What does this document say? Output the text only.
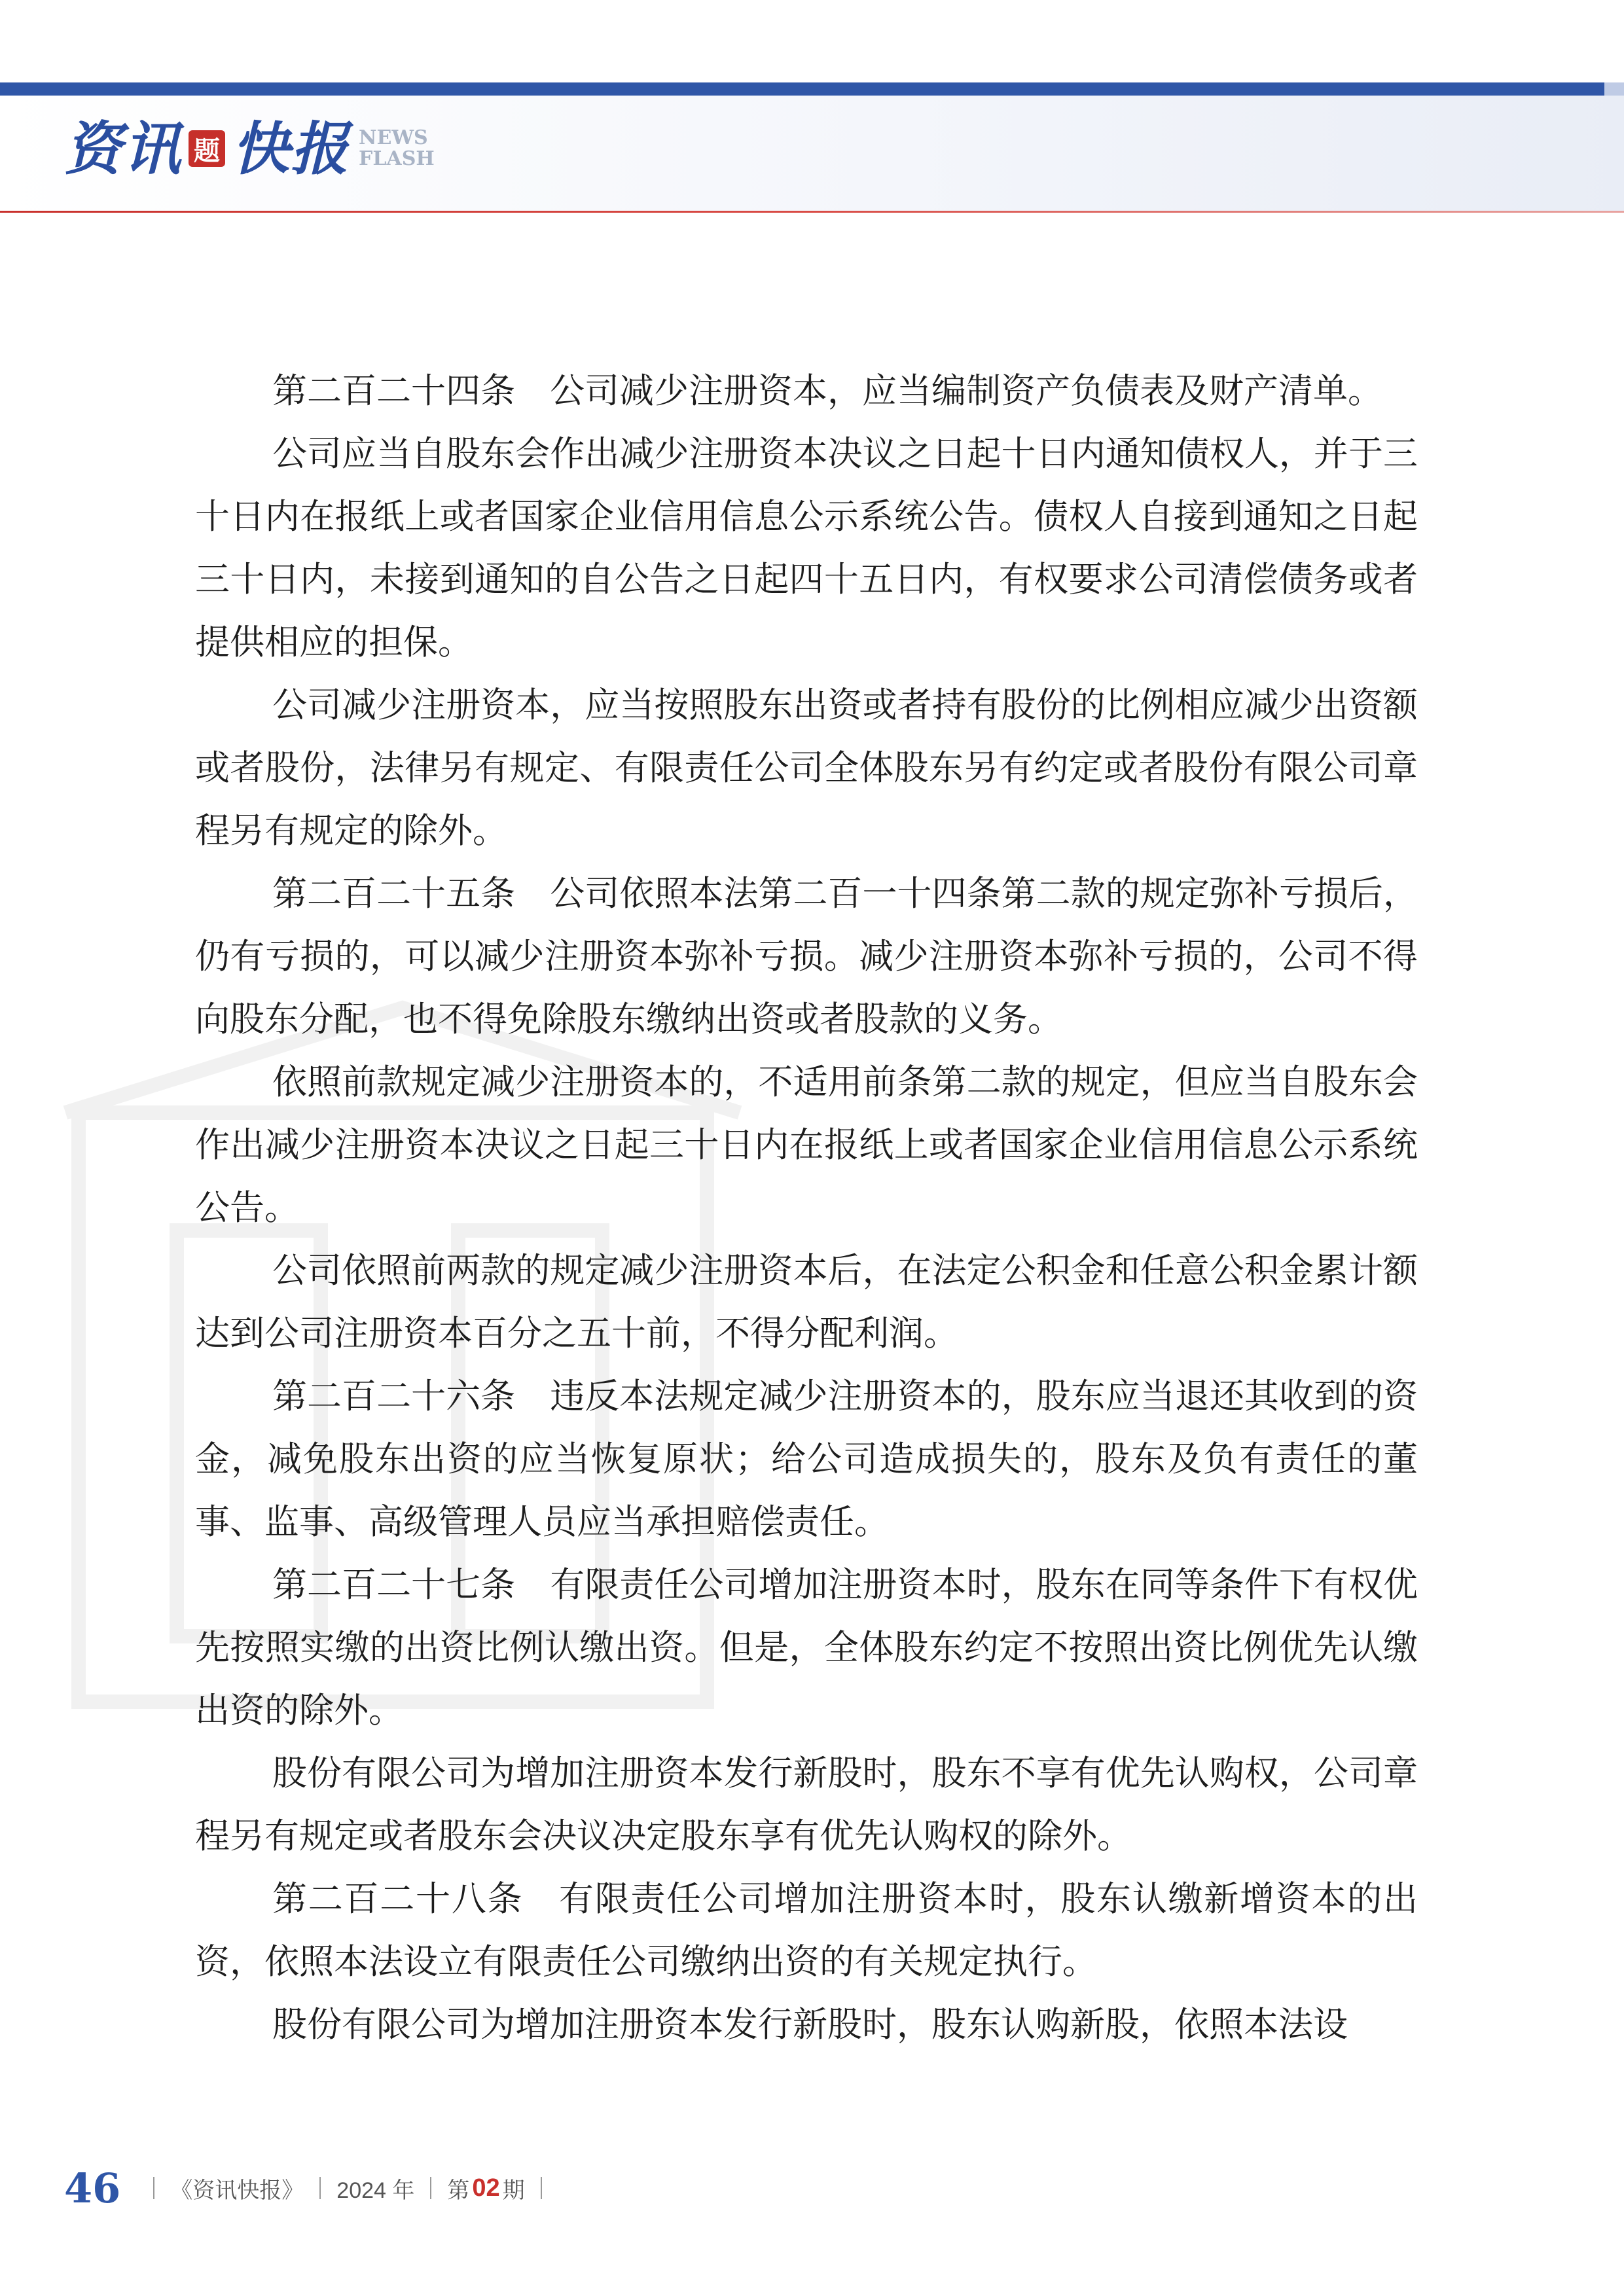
资讯 题 快报 NEWS
FLASH

第二百二十四条　公司减少注册资本，应当编制资产负债表及财产清单。

公司应当自股东会作出减少注册资本决议之日起十日内通知债权人，并于三十日内在报纸上或者国家企业信用信息公示系统公告。债权人自接到通知之日起三十日内，未接到通知的自公告之日起四十五日内，有权要求公司清偿债务或者提供相应的担保。

公司减少注册资本，应当按照股东出资或者持有股份的比例相应减少出资额或者股份，法律另有规定、有限责任公司全体股东另有约定或者股份有限公司章程另有规定的除外。

第二百二十五条　公司依照本法第二百一十四条第二款的规定弥补亏损后，仍有亏损的，可以减少注册资本弥补亏损。减少注册资本弥补亏损的，公司不得向股东分配，也不得免除股东缴纳出资或者股款的义务。

依照前款规定减少注册资本的，不适用前条第二款的规定，但应当自股东会作出减少注册资本决议之日起三十日内在报纸上或者国家企业信用信息公示系统公告。

公司依照前两款的规定减少注册资本后，在法定公积金和任意公积金累计额达到公司注册资本百分之五十前，不得分配利润。

第二百二十六条　违反本法规定减少注册资本的，股东应当退还其收到的资金，减免股东出资的应当恢复原状；给公司造成损失的，股东及负有责任的董事、监事、高级管理人员应当承担赔偿责任。

第二百二十七条　有限责任公司增加注册资本时，股东在同等条件下有权优先按照实缴的出资比例认缴出资。但是，全体股东约定不按照出资比例优先认缴出资的除外。

股份有限公司为增加注册资本发行新股时，股东不享有优先认购权，公司章程另有规定或者股东会决议决定股东享有优先认购权的除外。

第二百二十八条　有限责任公司增加注册资本时，股东认缴新增资本的出资，依照本法设立有限责任公司缴纳出资的有关规定执行。

股份有限公司为增加注册资本发行新股时，股东认购新股，依照本法设

46 《资讯快报》 2024 年 第 02 期
